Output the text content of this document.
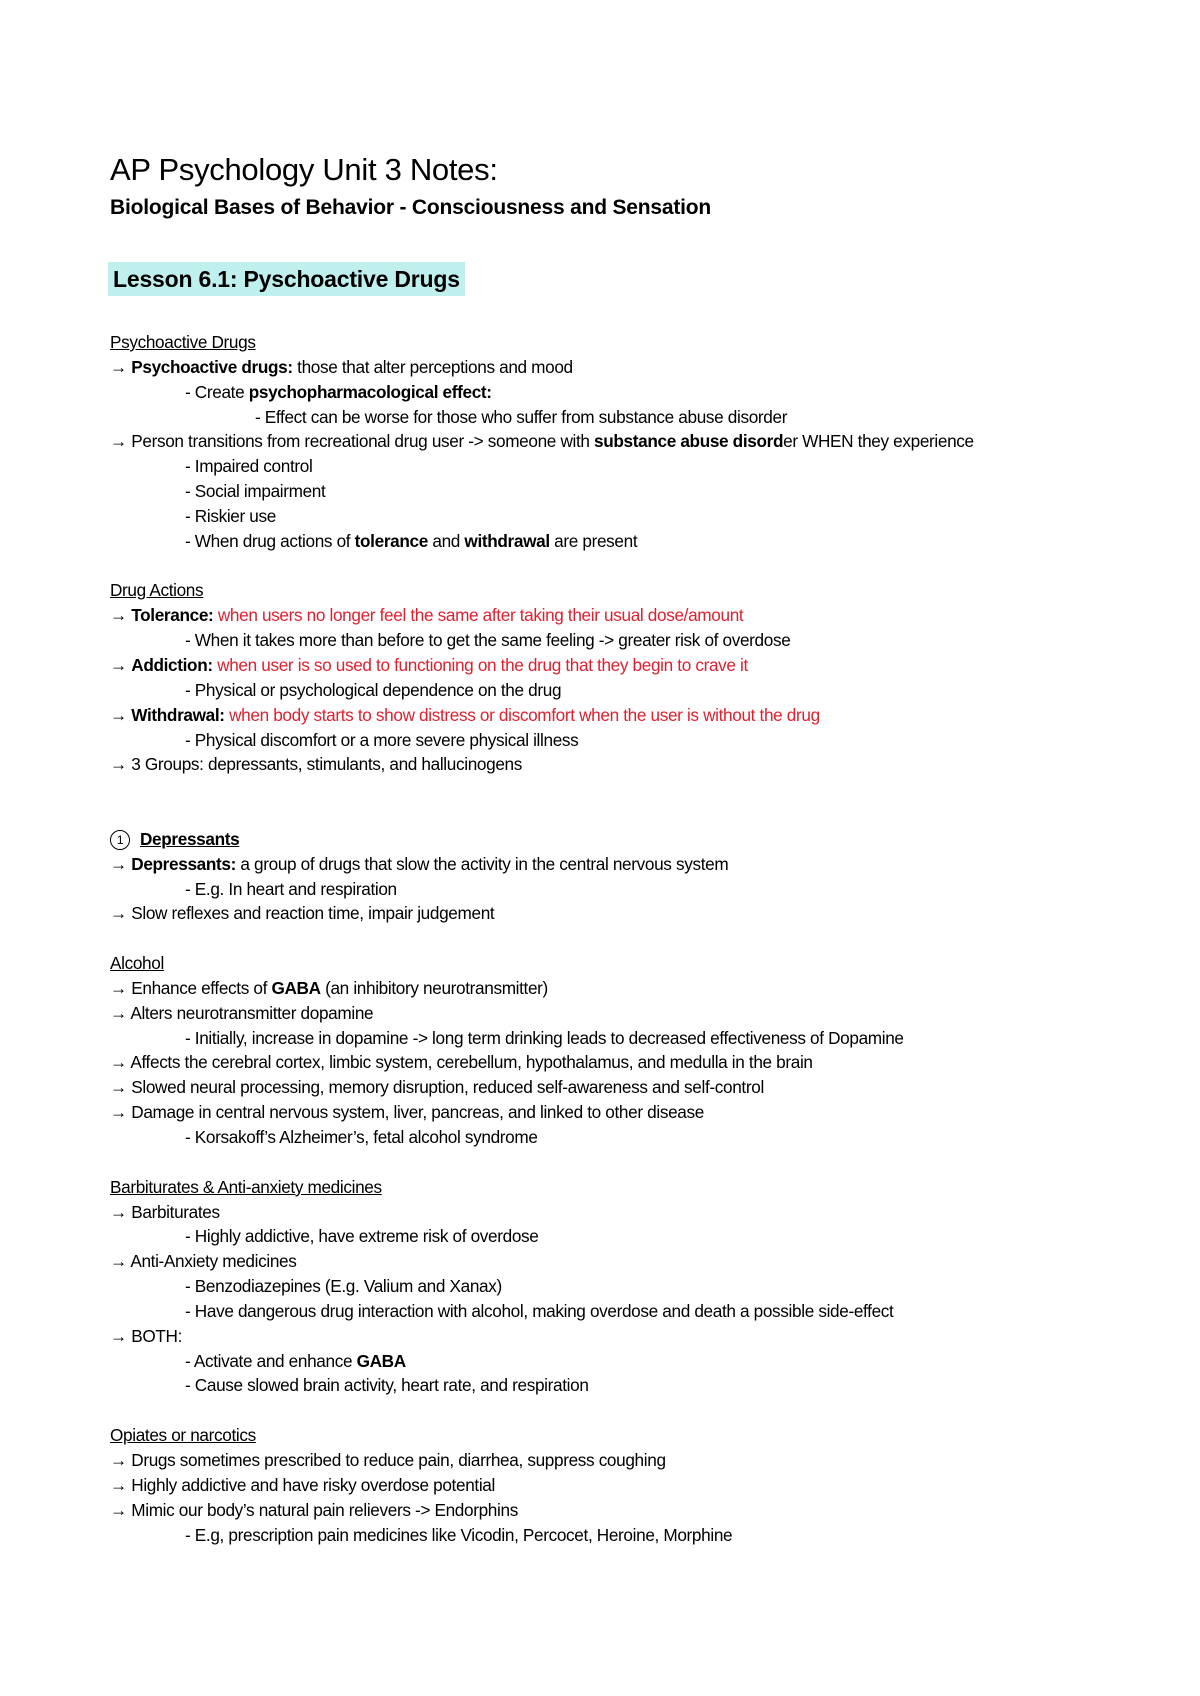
AP Psychology Unit 3 Notes:
Biological Bases of Behavior - Consciousness and Sensation
Lesson 6.1: Pyschoactive Drugs
Psychoactive Drugs
→ Psychoactive drugs: those that alter perceptions and mood
- Create psychopharmacological effect:
- Effect can be worse for those who suffer from substance abuse disorder
→ Person transitions from recreational drug user -> someone with substance abuse disorder WHEN they experience
- Impaired control
- Social impairment
- Riskier use
- When drug actions of tolerance and withdrawal are present
Drug Actions
→ Tolerance: when users no longer feel the same after taking their usual dose/amount
- When it takes more than before to get the same feeling -> greater risk of overdose
→ Addiction: when user is so used to functioning on the drug that they begin to crave it
- Physical or psychological dependence on the drug
→ Withdrawal: when body starts to show distress or discomfort when the user is without the drug
- Physical discomfort or a more severe physical illness
→ 3 Groups: depressants, stimulants, and hallucinogens
1 Depressants
→ Depressants: a group of drugs that slow the activity in the central nervous system
- E.g. In heart and respiration
→ Slow reflexes and reaction time, impair judgement
Alcohol
→ Enhance effects of GABA (an inhibitory neurotransmitter)
→ Alters neurotransmitter dopamine
- Initially, increase in dopamine -> long term drinking leads to decreased effectiveness of Dopamine
→ Affects the cerebral cortex, limbic system, cerebellum, hypothalamus, and medulla in the brain
→ Slowed neural processing, memory disruption, reduced self-awareness and self-control
→ Damage in central nervous system, liver, pancreas, and linked to other disease
- Korsakoff’s Alzheimer’s, fetal alcohol syndrome
Barbiturates & Anti-anxiety medicines
→ Barbiturates
- Highly addictive, have extreme risk of overdose
→ Anti-Anxiety medicines
- Benzodiazepines (E.g. Valium and Xanax)
- Have dangerous drug interaction with alcohol, making overdose and death a possible side-effect
→ BOTH:
- Activate and enhance GABA
- Cause slowed brain activity, heart rate, and respiration
Opiates or narcotics
→ Drugs sometimes prescribed to reduce pain, diarrhea, suppress coughing
→ Highly addictive and have risky overdose potential
→ Mimic our body’s natural pain relievers -> Endorphins
- E.g, prescription pain medicines like Vicodin, Percocet, Heroine, Morphine
